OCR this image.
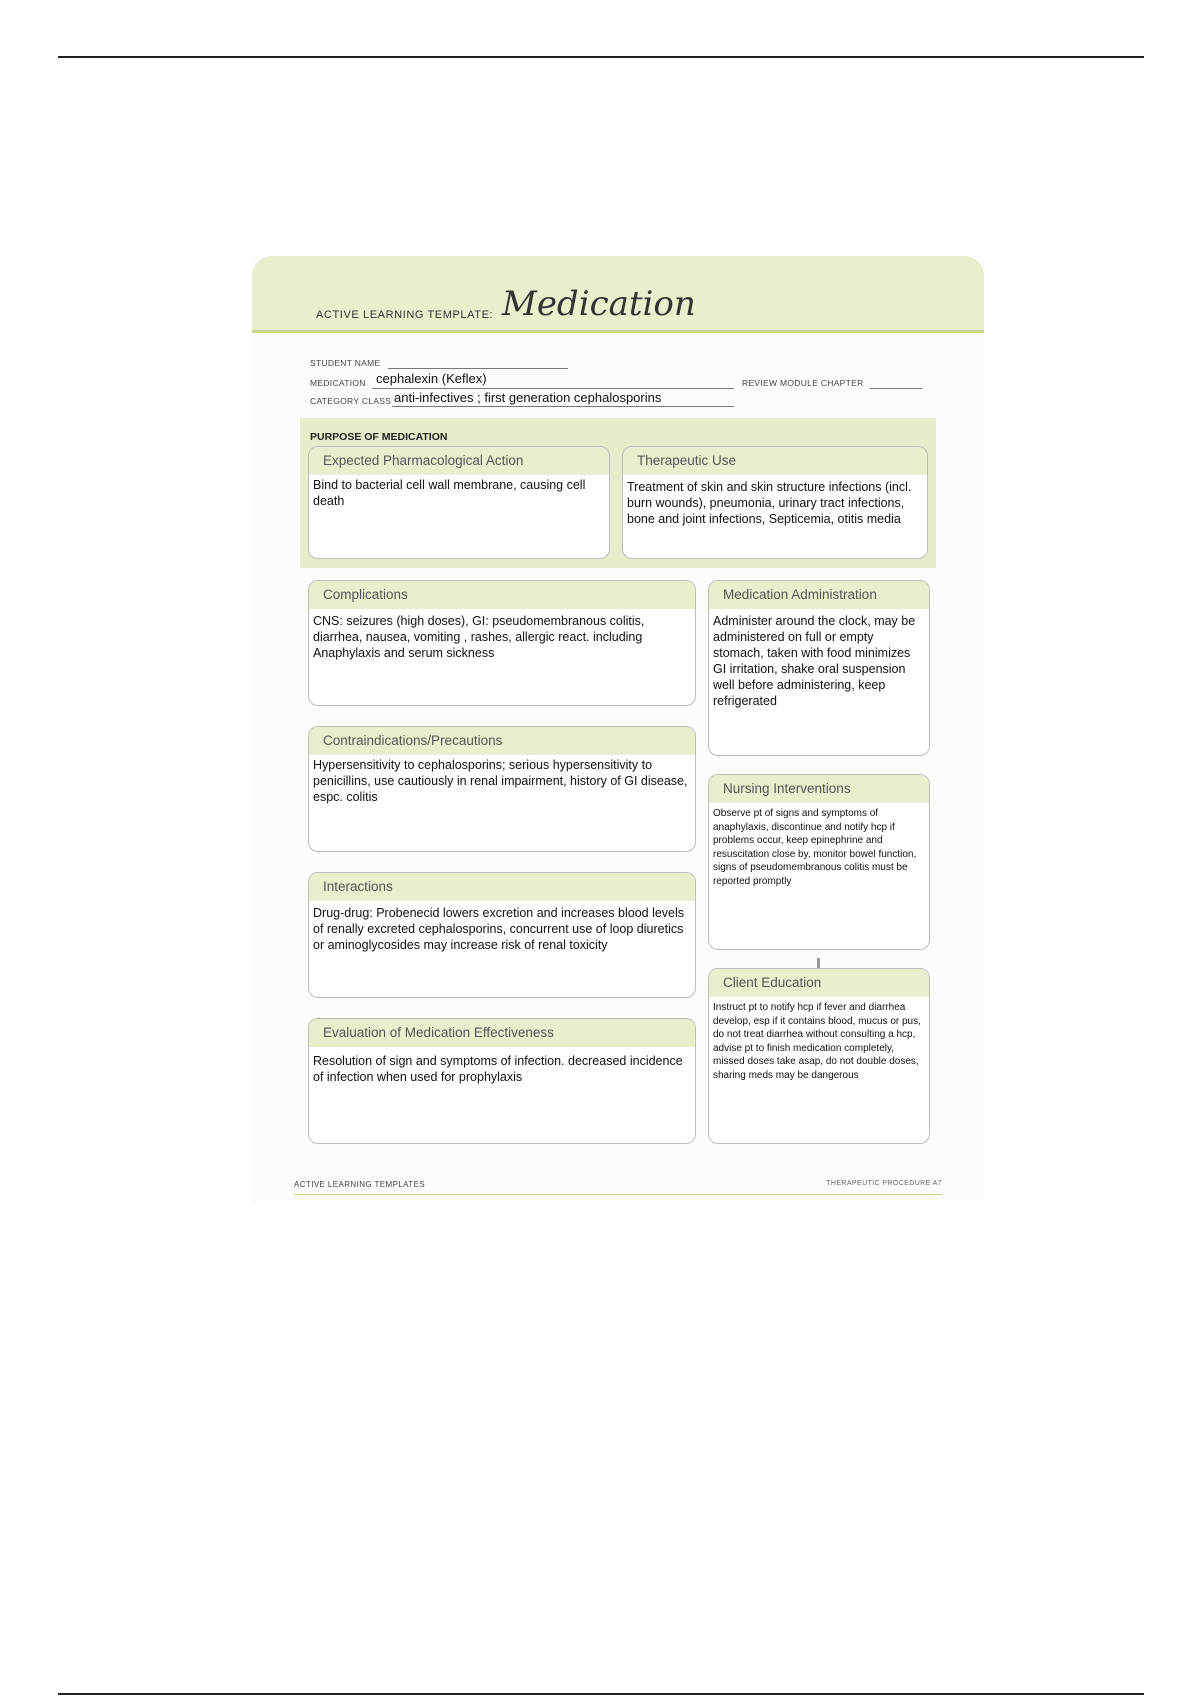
ACTIVE LEARNING TEMPLATE: Medication
STUDENT NAME
MEDICATION cephalexin (Keflex)	REVIEW MODULE CHAPTER
CATEGORY CLASS anti-infectives ; first generation cephalosporins
PURPOSE OF MEDICATION
Expected Pharmacological Action
Bind to bacterial cell wall membrane, causing cell death
Therapeutic Use
Treatment of skin and skin structure infections (incl. burn wounds), pneumonia, urinary tract infections, bone and joint infections, Septicemia, otitis media
Complications
CNS: seizures (high doses), GI: pseudomembranous colitis, diarrhea, nausea, vomiting , rashes, allergic react. including Anaphylaxis and serum sickness
Contraindications/Precautions
Hypersensitivity to cephalosporins; serious hypersensitivity to penicillins, use cautiously in renal impairment, history of GI disease, espc. colitis
Interactions
Drug-drug: Probenecid lowers excretion and increases blood levels of renally excreted cephalosporins, concurrent use of loop diuretics or aminoglycosides may increase risk of renal toxicity
Evaluation of Medication Effectiveness
Resolution of sign and symptoms of infection. decreased incidence of infection when used for prophylaxis
Medication Administration
Administer around the clock, may be administered on full or empty stomach, taken with food minimizes GI irritation, shake oral suspension well before administering, keep refrigerated
Nursing Interventions
Observe pt of signs and symptoms of anaphylaxis, discontinue and notify hcp if problems occur, keep epinephrine and resuscitation close by, monitor bowel function, signs of pseudomembranous colitis must be reported promptly
Client Education
Instruct pt to notify hcp if fever and diarrhea develop, esp if it contains blood, mucus or pus, do not treat diarrhea without consulting a hcp, advise pt to finish medication completely, missed doses take asap, do not double doses, sharing meds may be dangerous
ACTIVE LEARNING TEMPLATES	THERAPEUTIC PROCEDURE A7
